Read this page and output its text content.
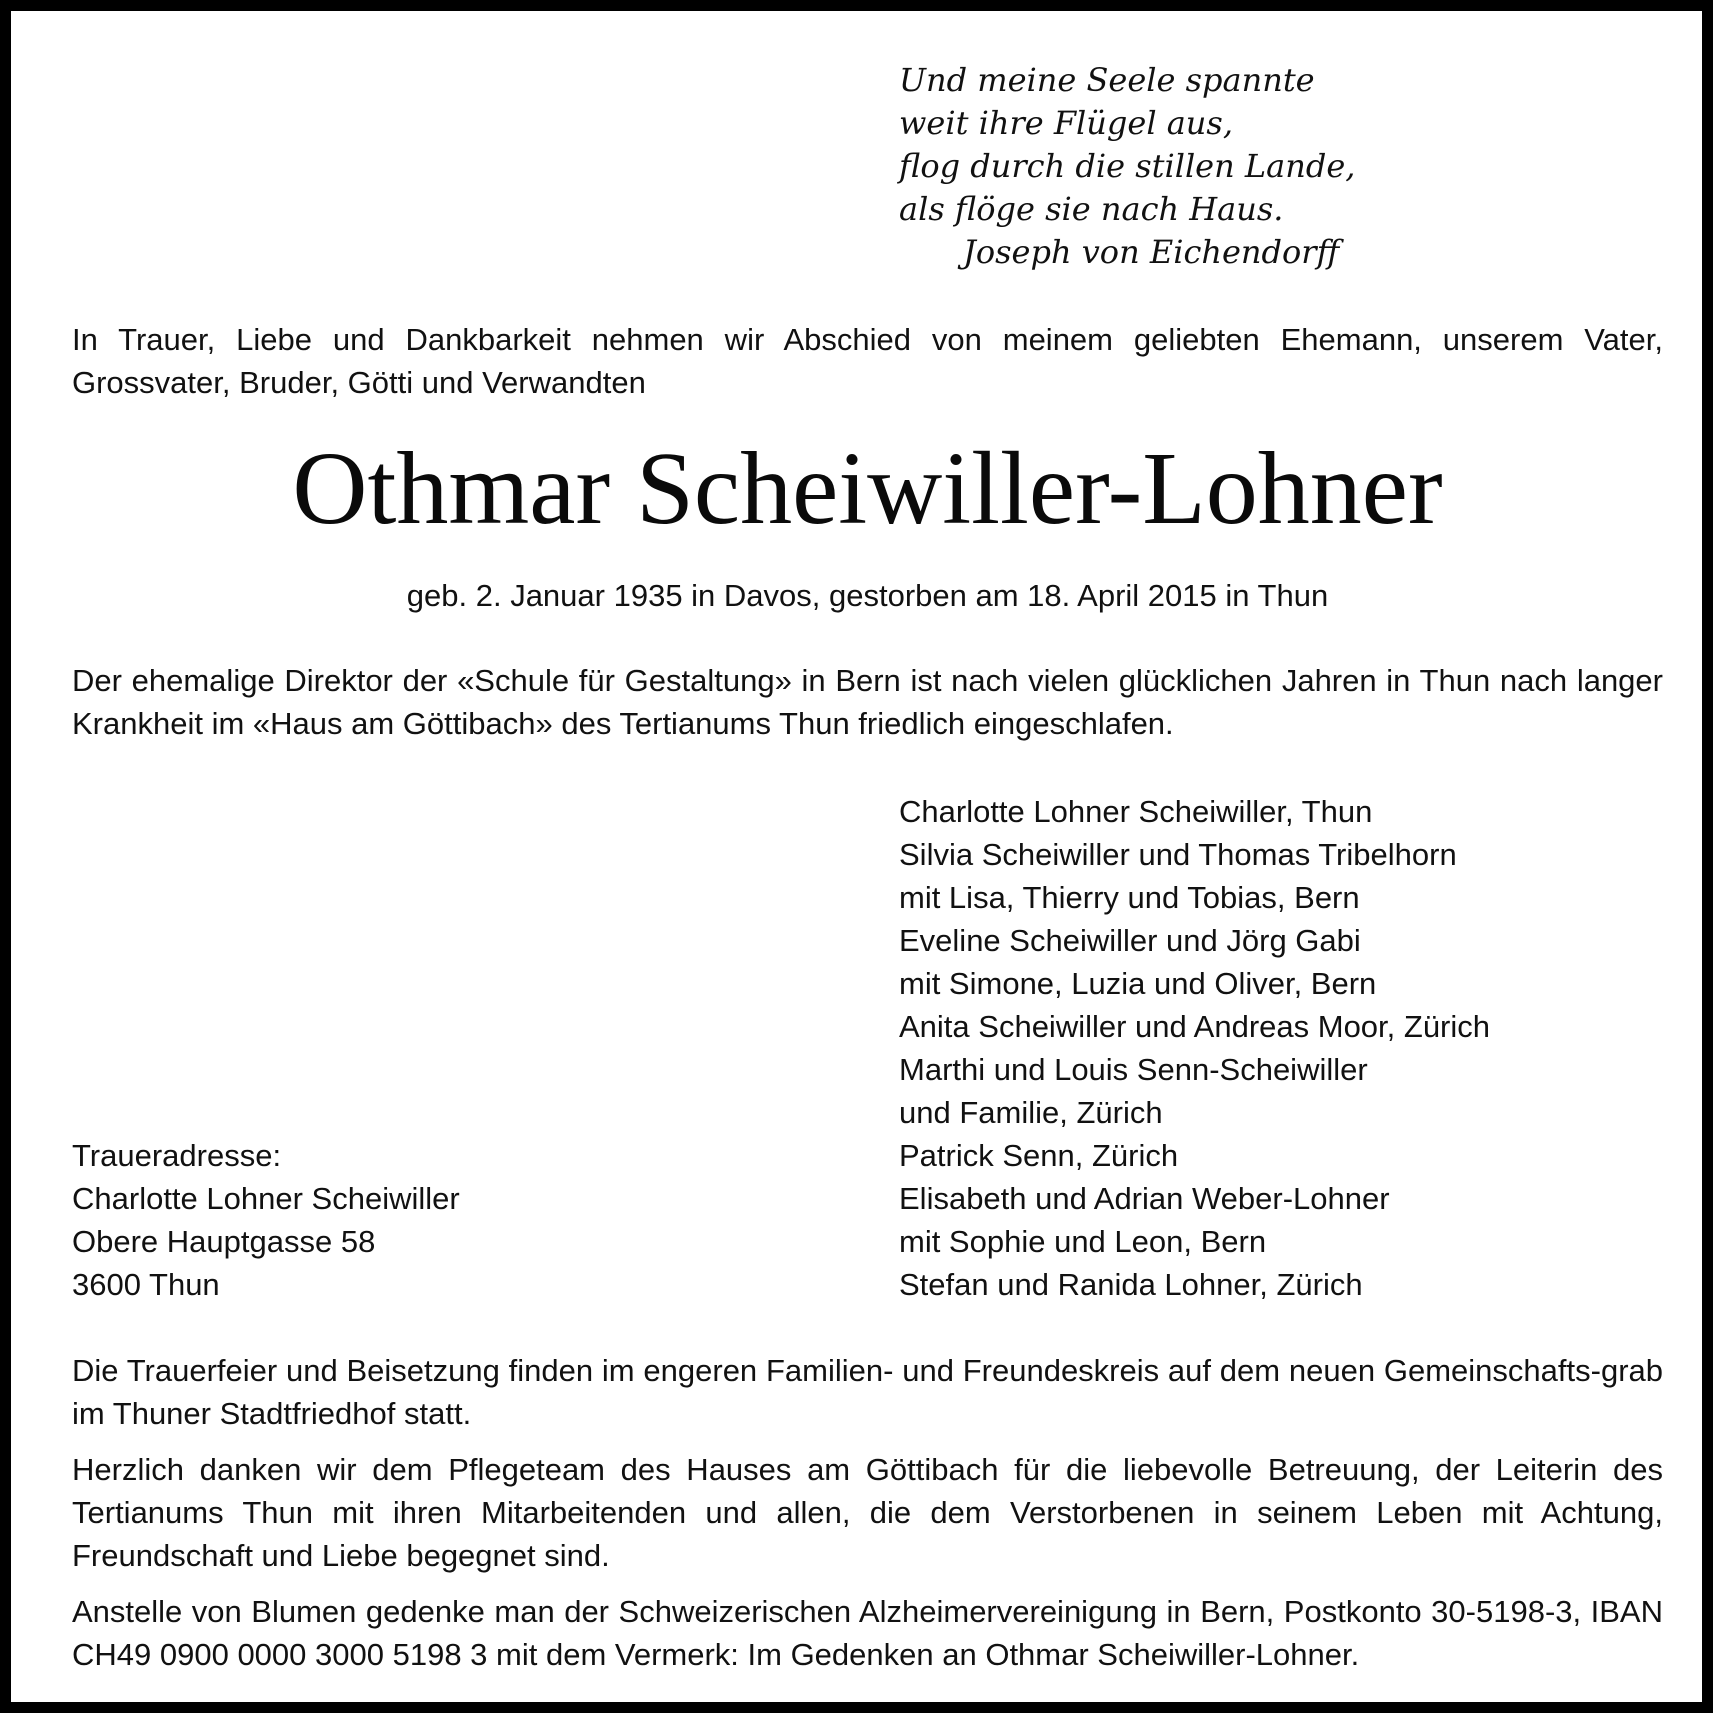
Und meine Seele spannte
weit ihre Flügel aus,
flog durch die stillen Lande,
als flöge sie nach Haus.
Joseph von Eichendorff
In Trauer, Liebe und Dankbarkeit nehmen wir Abschied von meinem geliebten Ehemann, unserem Vater, Grossvater, Bruder, Götti und Verwandten
Othmar Scheiwiller-Lohner
geb. 2. Januar 1935 in Davos, gestorben am 18. April 2015 in Thun
Der ehemalige Direktor der «Schule für Gestaltung» in Bern ist nach vielen glücklichen Jahren in Thun nach langer Krankheit im «Haus am Göttibach» des Tertianums Thun friedlich eingeschlafen.
Charlotte Lohner Scheiwiller, Thun
Silvia Scheiwiller und Thomas Tribelhorn
mit Lisa, Thierry und Tobias, Bern
Eveline Scheiwiller und Jörg Gabi
mit Simone, Luzia und Oliver, Bern
Anita Scheiwiller und Andreas Moor, Zürich
Marthi und Louis Senn-Scheiwiller
und Familie, Zürich
Patrick Senn, Zürich
Elisabeth und Adrian Weber-Lohner
mit Sophie und Leon, Bern
Stefan und Ranida Lohner, Zürich
Traueradresse:
Charlotte Lohner Scheiwiller
Obere Hauptgasse 58
3600 Thun
Die Trauerfeier und Beisetzung finden im engeren Familien- und Freundeskreis auf dem neuen Gemeinschafts-grab im Thuner Stadtfriedhof statt.
Herzlich danken wir dem Pflegeteam des Hauses am Göttibach für die liebevolle Betreuung, der Leiterin des Tertianums Thun mit ihren Mitarbeitenden und allen, die dem Verstorbenen in seinem Leben mit Achtung, Freundschaft und Liebe begegnet sind.
Anstelle von Blumen gedenke man der Schweizerischen Alzheimervereinigung in Bern, Postkonto 30-5198-3, IBAN CH49 0900 0000 3000 5198 3 mit dem Vermerk: Im Gedenken an Othmar Scheiwiller-Lohner.
